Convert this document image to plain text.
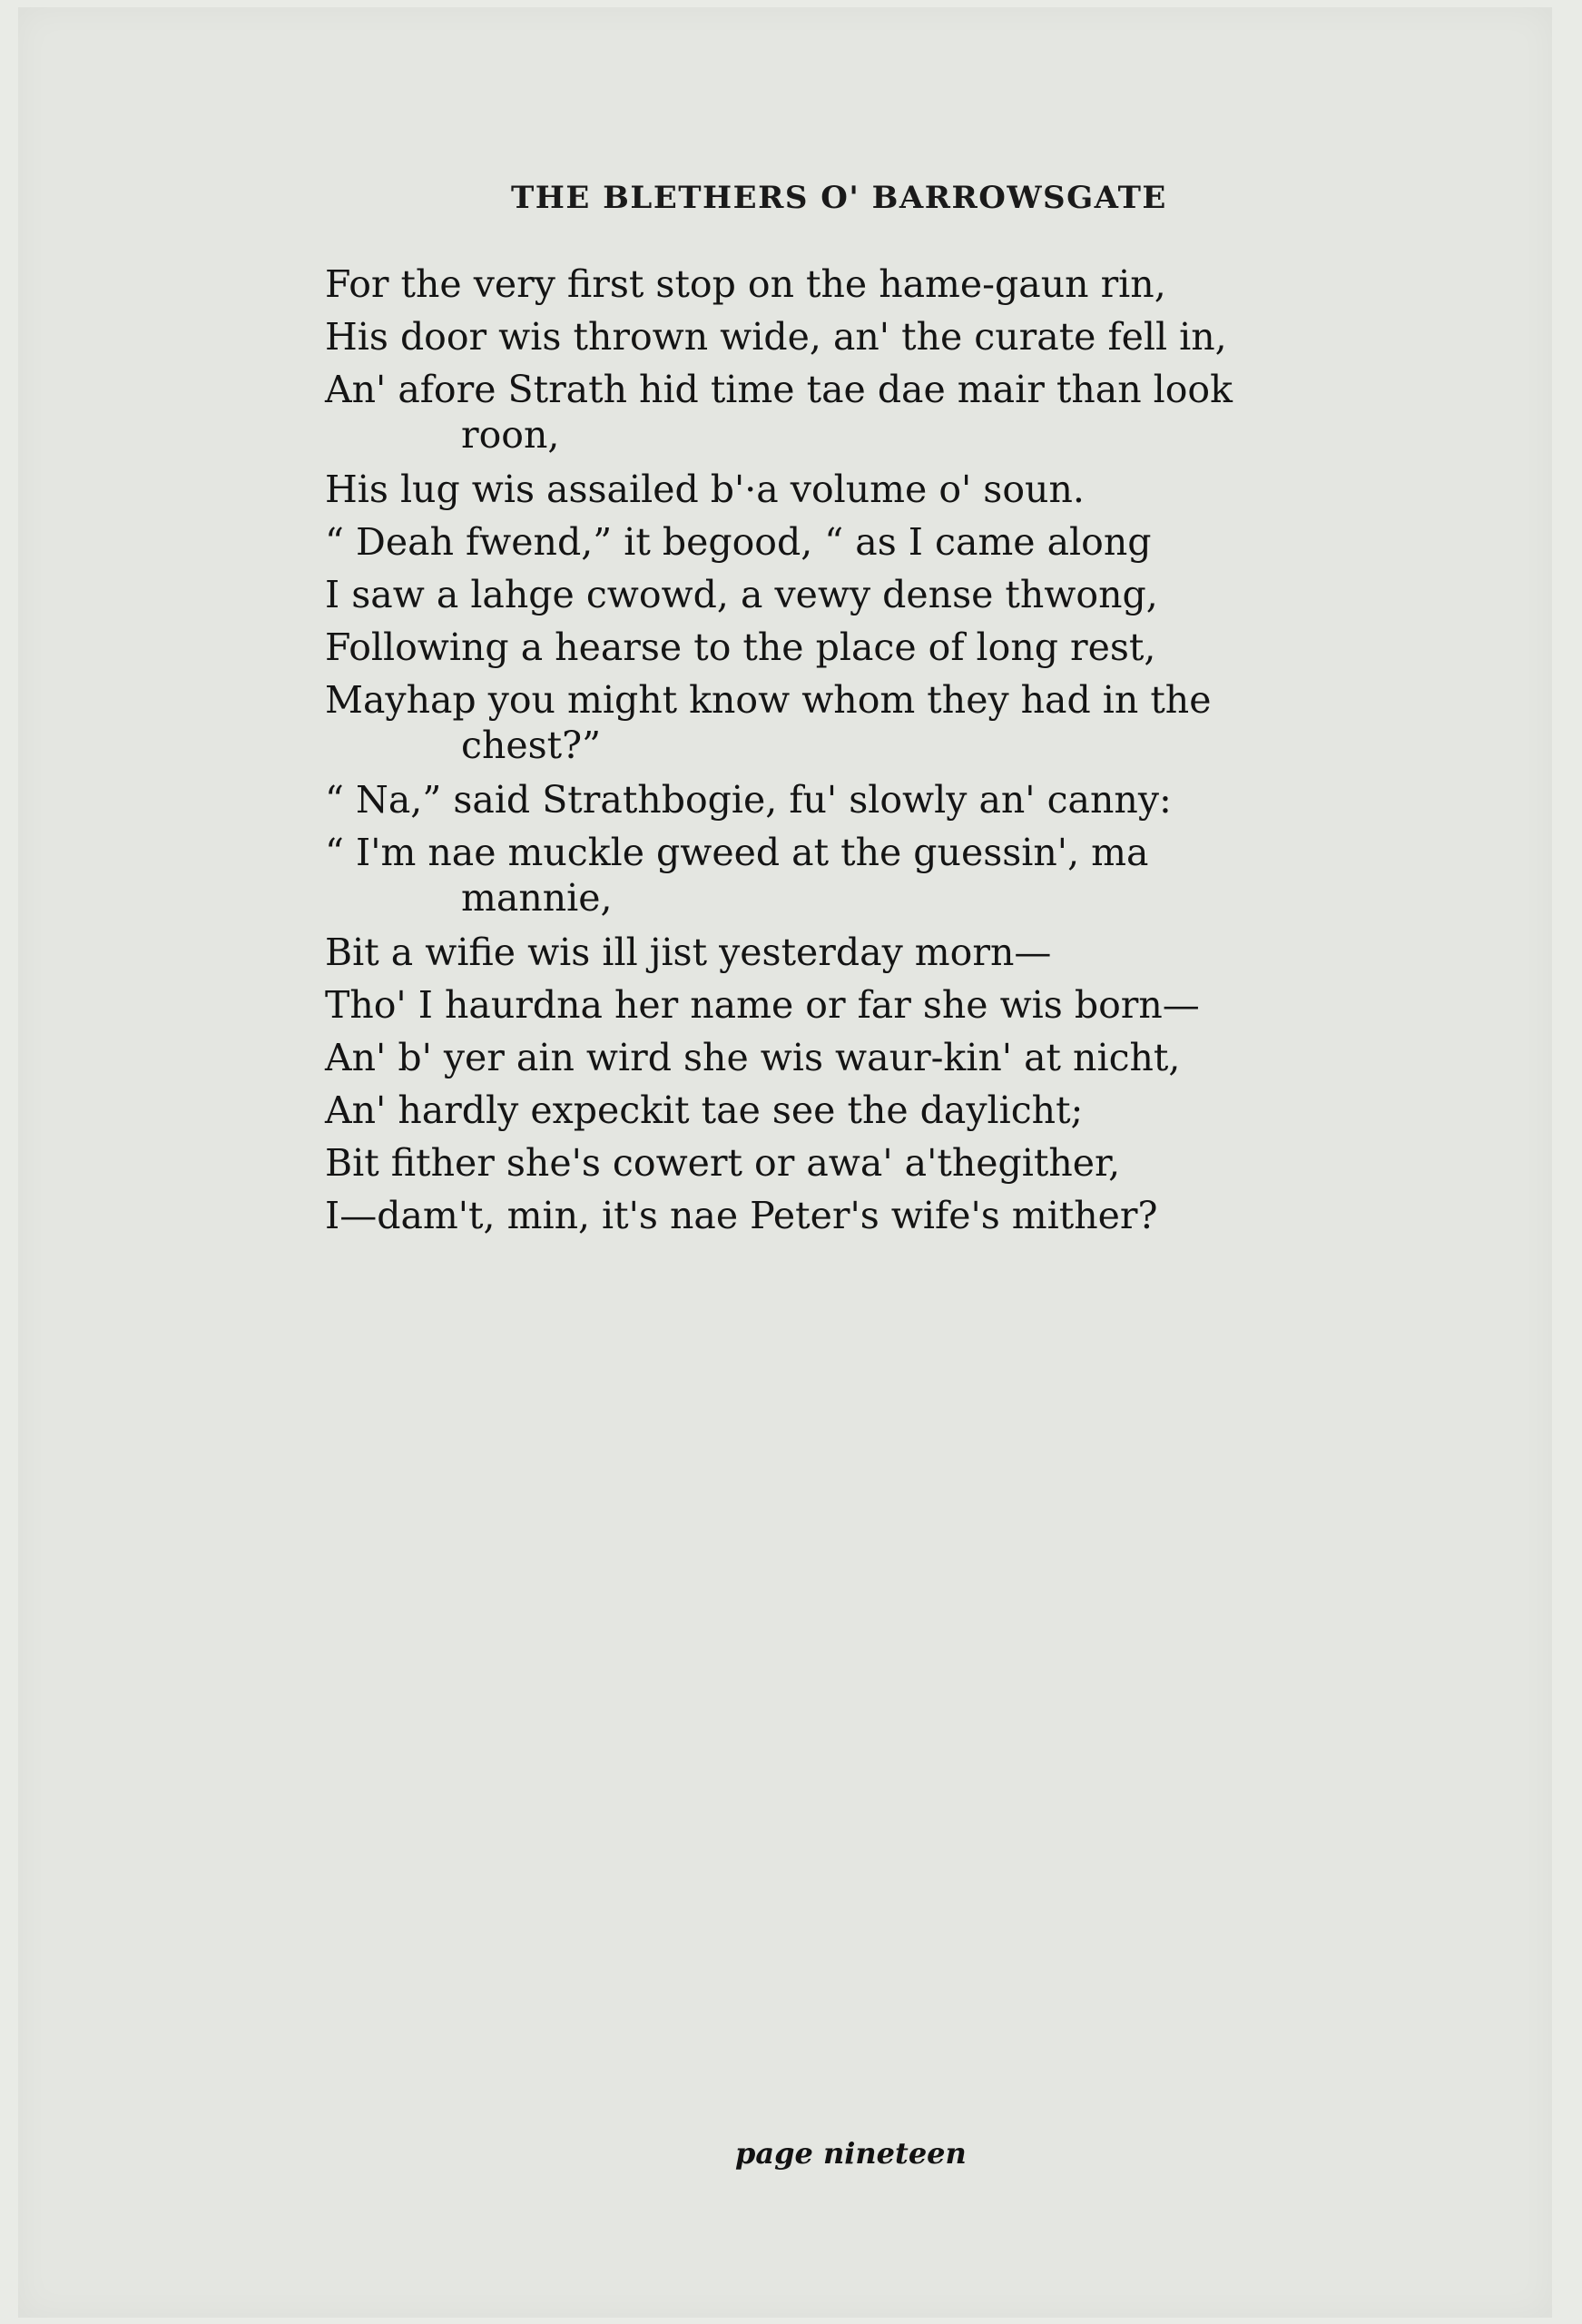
THE BLETHERS O' BARROWSGATE
For the very first stop on the hame-gaun rin,
His door wis thrown wide, an' the curate fell in,
An' afore Strath hid time tae dae mair than look
roon,
His lug wis assailed b'·a volume o' soun.
“ Deah fwend,” it begood, “ as I came along
I saw a lahge cwowd, a vewy dense thwong,
Following a hearse to the place of long rest,
Mayhap you might know whom they had in the
chest?”
“ Na,” said Strathbogie, fu' slowly an' canny:
“ I'm nae muckle gweed at the guessin', ma
mannie,
Bit a wifie wis ill jist yesterday morn—
Tho' I haurdna her name or far she wis born—
An' b' yer ain wird she wis waur-kin' at nicht,
An' hardly expeckit tae see the daylicht;
Bit fither she's cowert or awa' a'thegither,
I—dam't, min, it's nae Peter's wife's mither?
page nineteen
